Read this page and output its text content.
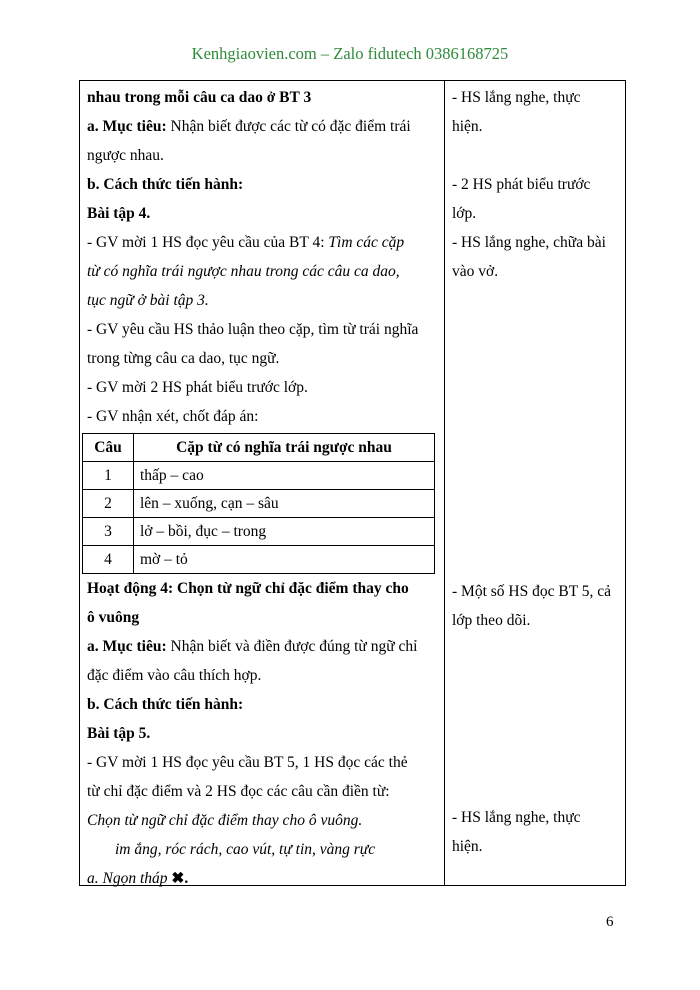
Kenhgiaovien.com – Zalo fidutech 0386168725
nhau trong mỗi câu ca dao ở BT 3
a. Mục tiêu: Nhận biết được các từ có đặc điểm trái
ngược nhau.
b. Cách thức tiến hành:
Bài tập 4.
- GV mời 1 HS đọc yêu cầu của BT 4: Tìm các cặp
từ có nghĩa trái ngược nhau trong các câu ca dao,
tục ngữ ở bài tập 3.
- GV yêu cầu HS thảo luận theo cặp, tìm từ trái nghĩa
trong từng câu ca dao, tục ngữ.
- GV mời 2 HS phát biểu trước lớp.
- GV nhận xét, chốt đáp án:
Câu	Cặp từ có nghĩa trái ngược nhau
1	thấp – cao
2	lên – xuống, cạn – sâu
3	lở – bồi, đục – trong
4	mờ – tỏ
Hoạt động 4: Chọn từ ngữ chỉ đặc điểm thay cho
ô vuông
a. Mục tiêu: Nhận biết và điền được đúng từ ngữ chỉ
đặc điểm vào câu thích hợp.
b. Cách thức tiến hành:
Bài tập 5.
- GV mời 1 HS đọc yêu cầu BT 5, 1 HS đọc các thẻ
từ chỉ đặc điểm và 2 HS đọc các câu cần điền từ:
Chọn từ ngữ chỉ đặc điểm thay cho ô vuông.
im ắng, róc rách, cao vút, tự tin, vàng rực
a. Ngọn tháp ✖.
- HS lắng nghe, thực
hiện.
- 2 HS phát biểu trước
lớp.
- HS lắng nghe, chữa bài
vào vở.
- Một số HS đọc BT 5, cả
lớp theo dõi.
- HS lắng nghe, thực
hiện.
6
